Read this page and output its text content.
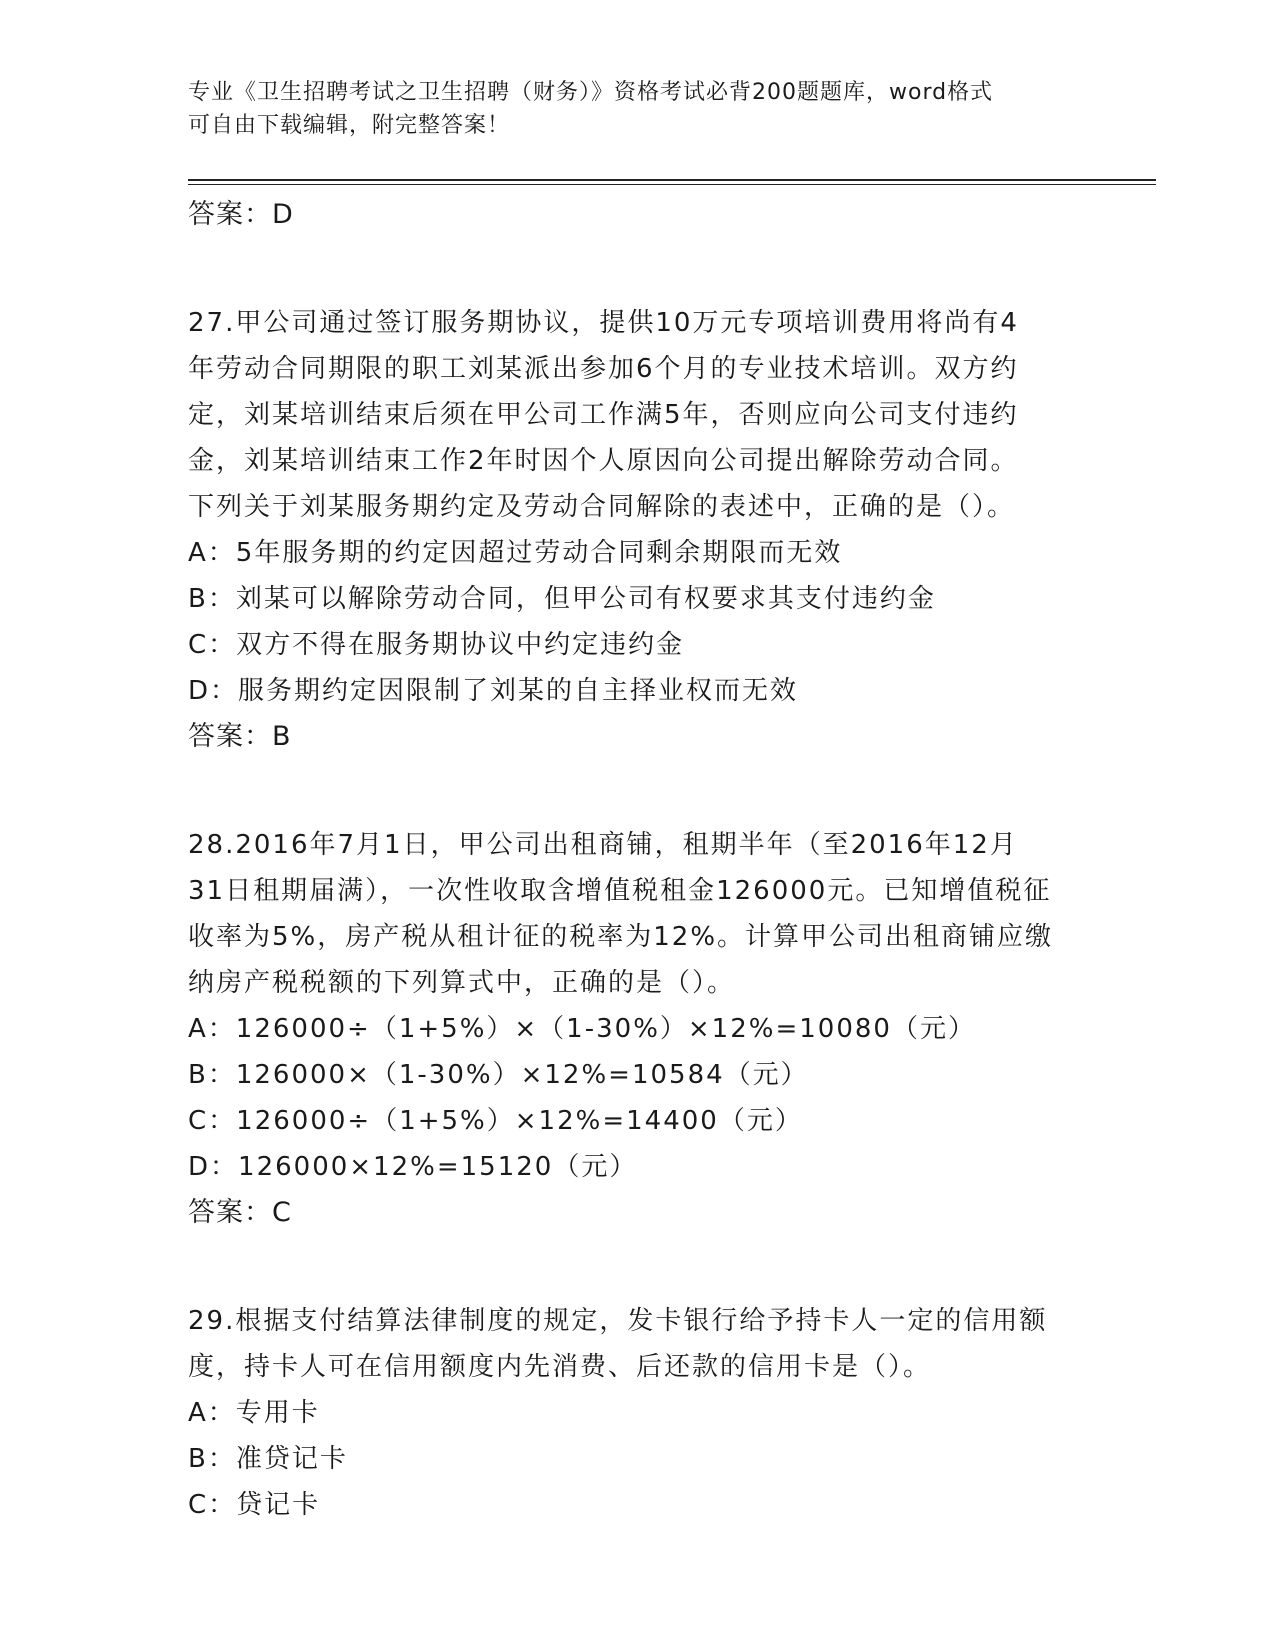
专业《卫生招聘考试之卫生招聘（财务）》资格考试必背200题题库，word格式
可自由下载编辑，附完整答案！
答案：D
27.甲公司通过签订服务期协议，提供10万元专项培训费用将尚有4
年劳动合同期限的职工刘某派出参加6个月的专业技术培训。双方约
定，刘某培训结束后须在甲公司工作满5年，否则应向公司支付违约
金，刘某培训结束工作2年时因个人原因向公司提出解除劳动合同。
下列关于刘某服务期约定及劳动合同解除的表述中，正确的是（）。
A：5年服务期的约定因超过劳动合同剩余期限而无效
B：刘某可以解除劳动合同，但甲公司有权要求其支付违约金
C：双方不得在服务期协议中约定违约金
D：服务期约定因限制了刘某的自主择业权而无效
答案：B
28.2016年7月1日，甲公司出租商铺，租期半年（至2016年12月
31日租期届满），一次性收取含增值税租金126000元。已知增值税征
收率为5%，房产税从租计征的税率为12%。计算甲公司出租商铺应缴
纳房产税税额的下列算式中，正确的是（）。
A：126000÷（1+5%）×（1-30%）×12%=10080（元）
B：126000×（1-30%）×12%=10584（元）
C：126000÷（1+5%）×12%=14400（元）
D：126000×12%=15120（元）
答案：C
29.根据支付结算法律制度的规定，发卡银行给予持卡人一定的信用额
度，持卡人可在信用额度内先消费、后还款的信用卡是（）。
A：专用卡
B：准贷记卡
C：贷记卡
